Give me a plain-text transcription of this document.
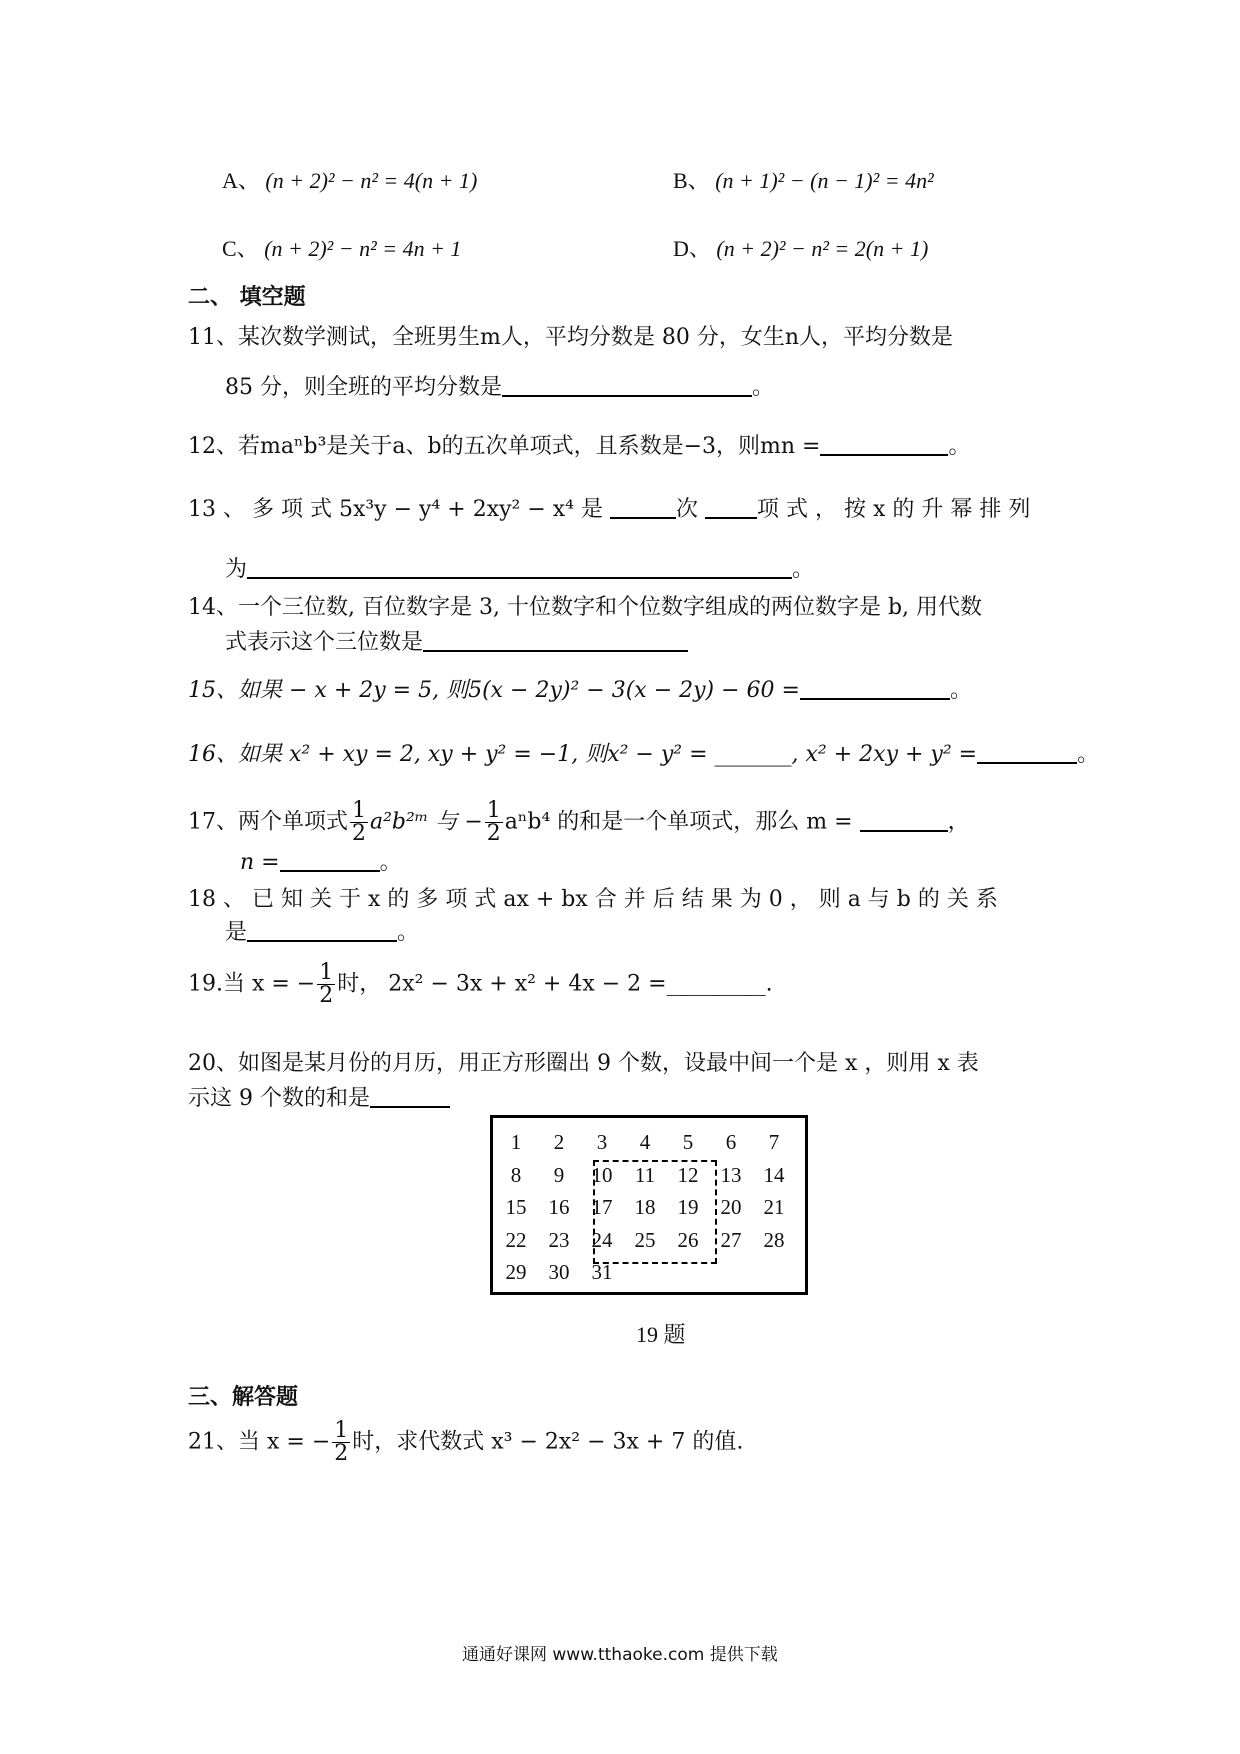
A、 (n + 2)² − n² = 4(n + 1)	B、 (n + 1)² − (n − 1)² = 4n²
C、 (n + 2)² − n² = 4n + 1	D、 (n + 2)² − n² = 2(n + 1)
二、 填空题
11、某次数学测试，全班男生m人，平均分数是 80 分，女生n人，平均分数是
85 分，则全班的平均分数是	。
12、若maⁿb³是关于a、b的五次单项式，且系数是−3，则mn =	。
13 、 多 项 式 5x³y − y⁴ + 2xy² − x⁴ 是	次	项 式 ， 按 x 的 升 幂 排 列
为	。
14、一个三位数, 百位数字是 3, 十位数字和个位数字组成的两位数字是 b, 用代数
式表示这个三位数是
15、如果 − x + 2y = 5, 则5(x − 2y)² − 3(x − 2y) − 60 =	。
16、如果 x² + xy = 2, xy + y² = −1, 则x² − y² = _______, x² + 2xy + y² =	。
17、两个单项式 $\frac{1}{2}$ a²b²ᵐ 与 − $\frac{1}{2} a^nb^4$ 的和是一个单项式，那么 m =	，
n =	。
18 、 已 知 关 于 x 的 多 项 式 ax + bx 合 并 后 结 果 为 0 ， 则 a 与 b 的 关 系
是	。
19.当 x = − $\frac{1}{2}$ 时， 2x² − 3x + x² + 4x − 2 =_________.
20、如图是某月份的月历，用正方形圈出 9 个数，设最中间一个是 x ，则用 x 表
示这 9 个数的和是
1	2	3	4	5	6	7
8	9	10	11	12	13	14
15	16	17	18	19	20	21
22	23	24	25	26	27	28
29	30	31
19 题
三、解答题
21、当 x = − $\frac{1}{2}$ 时，求代数式 x³ − 2x² − 3x + 7 的值.
通通好课网 www.tthaoke.com 提供下载
